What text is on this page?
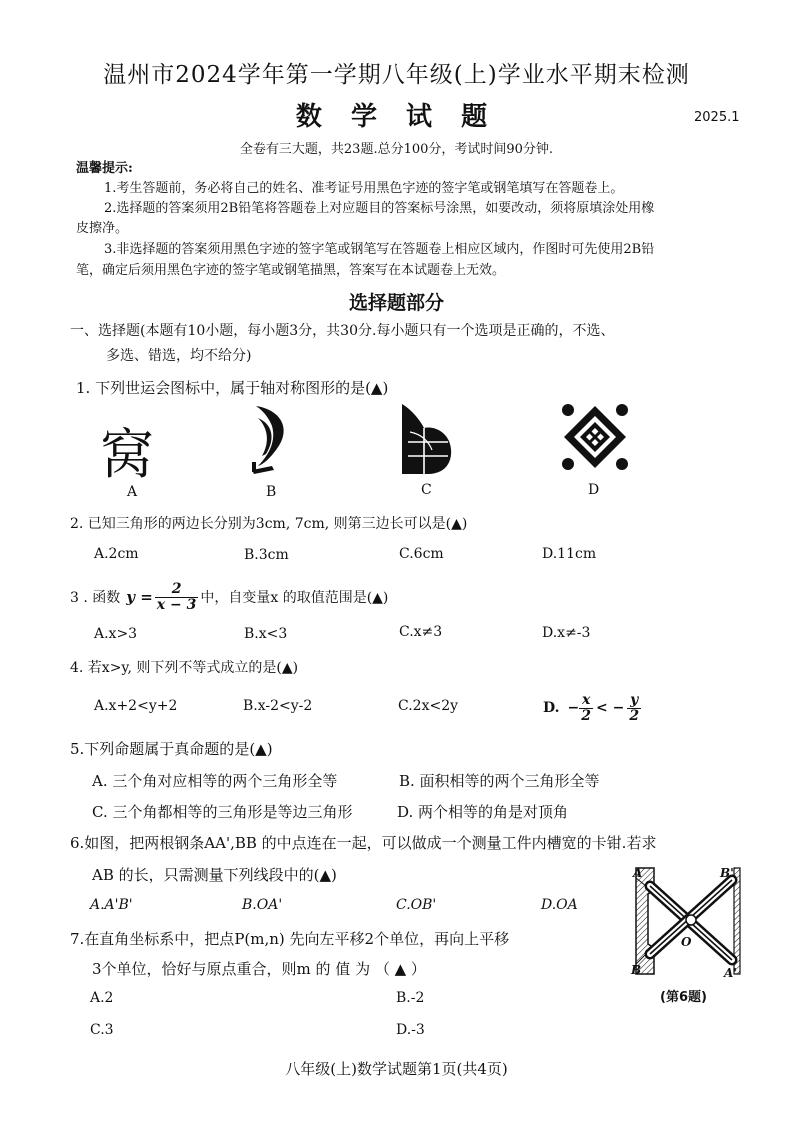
温州市2024学年第一学期八年级(上)学业水平期末检测
数 学 试 题	2025.1
全卷有三大题，共23题.总分100分，考试时间90分钟.
温馨提示:
1.考生答题前，务必将自己的姓名、准考证号用黑色字迹的签字笔或钢笔填写在答题卷上。
2.选择题的答案须用2B铅笔将答题卷上对应题目的答案标号涂黑，如要改动，须将原填涂处用橡
皮擦净。
3.非选择题的答案须用黑色字迹的签字笔或钢笔写在答题卷上相应区域内，作图时可先使用2B铅
笔，确定后须用黑色字迹的签字笔或钢笔描黑，答案写在本试题卷上无效。
选择题部分
一、选择题(本题有10小题，每小题3分，共30分.每小题只有一个选项是正确的，不选、
多选、错选，均不给分)
1. 下列世运会图标中，属于轴对称图形的是(▲)
窝
A	B	C	D
2. 已知三角形的两边长分别为3cm, 7cm, 则第三边长可以是(▲)
A.2cm	B.3cm	C.6cm	D.11cm
3 . 函数 $y = \frac{2}{x - 3}$ 中，自变量x 的取值范围是(▲)
A.x>3	B.x<3	C.x≠3	D.x≠-3
4. 若x>y, 则下列不等式成立的是(▲)
A.x+2<y+2	B.x-2<y-2	C.2x<2y	D. − $\frac{x}{2}$ < − $\frac{y}{2}$
5.下列命题属于真命题的是(▲)
A. 三个角对应相等的两个三角形全等	B. 面积相等的两个三角形全等
C. 三个角都相等的三角形是等边三角形	D. 两个相等的角是对顶角
6.如图，把两根钢条AA',BB 的中点连在一起，可以做成一个测量工件内槽宽的卡钳.若求
AB 的长，只需测量下列线段中的(▲)
A.A'B'	B.OA'	C.OB'	D.OA
A	B'
O
B	A'
(第6题)
7.在直角坐标系中，把点P(m,n) 先向左平移2个单位，再向上平移
3个单位，恰好与原点重合，则m 的 值 为 （ ▲ ）
A.2	B.-2
C.3	D.-3
八年级(上)数学试题第1页(共4页)
